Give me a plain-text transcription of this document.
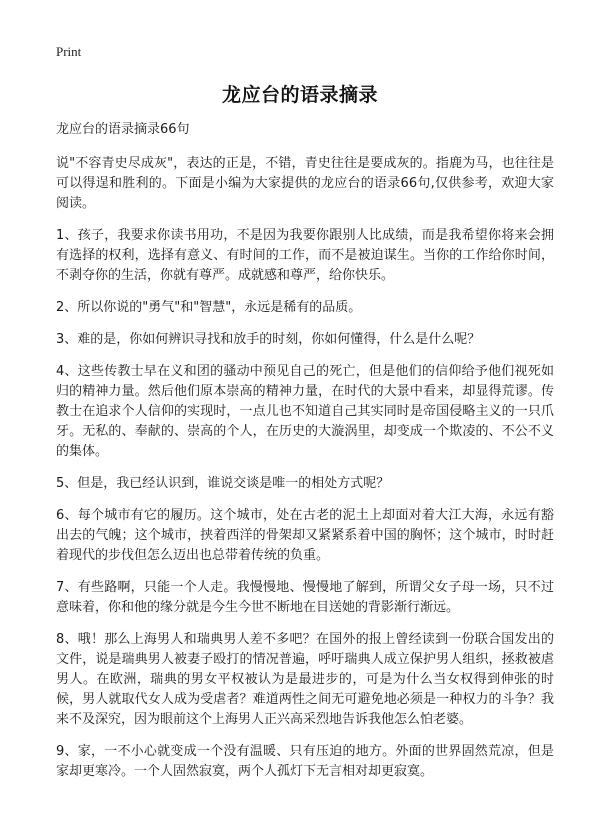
Print
龙应台的语录摘录

龙应台的语录摘录66句

说"不容青史尽成灰"，表达的正是，不错，青史往往是要成灰的。指鹿为马，也往往是可以得逞和胜利的。下面是小编为大家提供的龙应台的语录66句,仅供参考，欢迎大家阅读。

1、孩子，我要求你读书用功，不是因为我要你跟别人比成绩，而是我希望你将来会拥有选择的权利，选择有意义、有时间的工作，而不是被迫谋生。当你的工作给你时间，不剥夺你的生活，你就有尊严。成就感和尊严，给你快乐。

2、所以你说的"勇气"和"智慧"，永远是稀有的品质。

3、难的是，你如何辨识寻找和放手的时刻，你如何懂得，什么是什么呢？

4、这些传教士早在义和团的骚动中预见自己的死亡，但是他们的信仰给予他们视死如归的精神力量。然后他们原本崇高的精神力量，在时代的大景中看来，却显得荒谬。传教士在追求个人信仰的实现时，一点儿也不知道自己其实同时是帝国侵略主义的一只爪牙。无私的、奉献的、崇高的个人，在历史的大漩涡里，却变成一个欺凌的、不公不义的集体。

5、但是，我已经认识到，谁说交谈是唯一的相处方式呢？

6、每个城市有它的履历。这个城市，处在古老的泥土上却面对着大江大海，永远有豁出去的气魄；这个城市，挟着西洋的骨架却又紧紧系着中国的胸怀；这个城市，时时赶着现代的步伐但怎么迈出也总带着传统的负重。

7、有些路啊，只能一个人走。我慢慢地、慢慢地了解到，所谓父女子母一场，只不过意味着，你和他的缘分就是今生今世不断地在目送她的背影渐行渐远。

8、哦！那么上海男人和瑞典男人差不多吧？在国外的报上曾经读到一份联合国发出的文件，说是瑞典男人被妻子殴打的情况普遍，呼吁瑞典人成立保护男人组织，拯救被虐男人。在欧洲，瑞典的男女平权被认为是最进步的，可是为什么当女权得到伸张的时候，男人就取代女人成为受虐者？难道两性之间无可避免地必须是一种权力的斗争？我来不及深究，因为眼前这个上海男人正兴高采烈地告诉我他怎么怕老婆。

9、家，一不小心就变成一个没有温暖、只有压迫的地方。外面的世界固然荒凉，但是家却更寒冷。一个人固然寂寞，两个人孤灯下无言相对却更寂寞。
